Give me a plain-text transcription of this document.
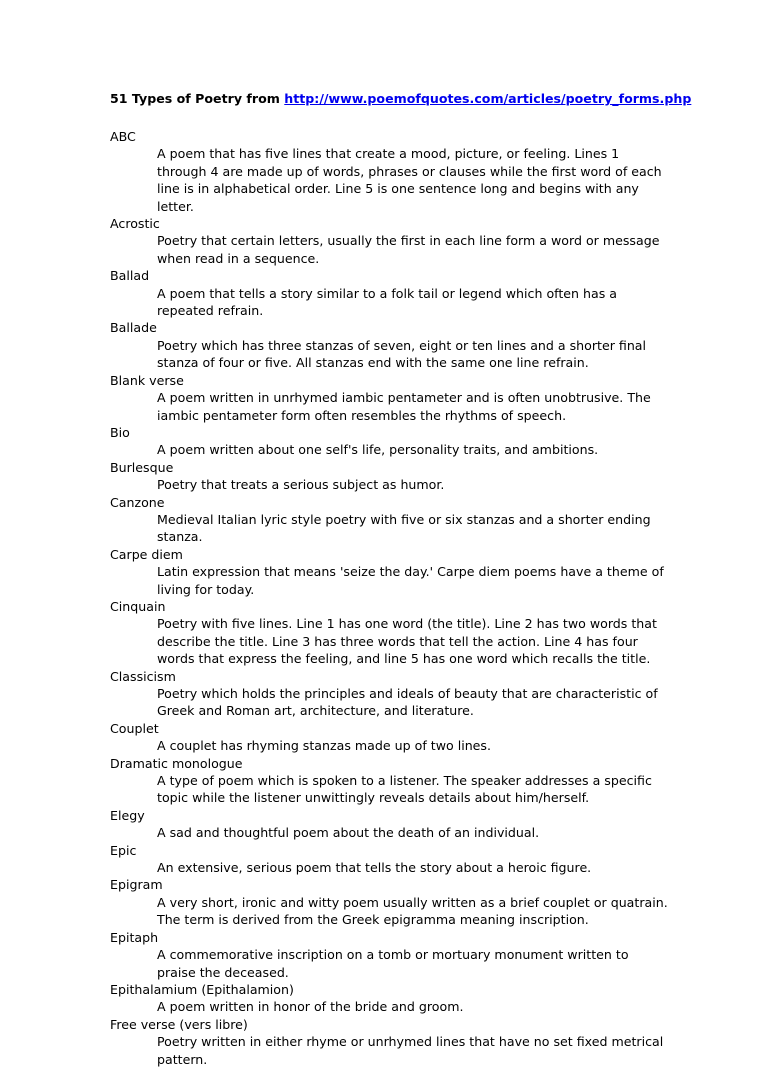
51 Types of Poetry from http://www.poemofquotes.com/articles/poetry_forms.php
ABC
A poem that has five lines that create a mood, picture, or feeling. Lines 1 through 4 are made up of words, phrases or clauses while the first word of each line is in alphabetical order. Line 5 is one sentence long and begins with any letter.
Acrostic
Poetry that certain letters, usually the first in each line form a word or message when read in a sequence.
Ballad
A poem that tells a story similar to a folk tail or legend which often has a repeated refrain.
Ballade
Poetry which has three stanzas of seven, eight or ten lines and a shorter final stanza of four or five. All stanzas end with the same one line refrain.
Blank verse
A poem written in unrhymed iambic pentameter and is often unobtrusive. The iambic pentameter form often resembles the rhythms of speech.
Bio
A poem written about one self's life, personality traits, and ambitions.
Burlesque
Poetry that treats a serious subject as humor.
Canzone
Medieval Italian lyric style poetry with five or six stanzas and a shorter ending stanza.
Carpe diem
Latin expression that means 'seize the day.' Carpe diem poems have a theme of living for today.
Cinquain
Poetry with five lines. Line 1 has one word (the title). Line 2 has two words that describe the title. Line 3 has three words that tell the action. Line 4 has four words that express the feeling, and line 5 has one word which recalls the title.
Classicism
Poetry which holds the principles and ideals of beauty that are characteristic of Greek and Roman art, architecture, and literature.
Couplet
A couplet has rhyming stanzas made up of two lines.
Dramatic monologue
A type of poem which is spoken to a listener. The speaker addresses a specific topic while the listener unwittingly reveals details about him/herself.
Elegy
A sad and thoughtful poem about the death of an individual.
Epic
An extensive, serious poem that tells the story about a heroic figure.
Epigram
A very short, ironic and witty poem usually written as a brief couplet or quatrain. The term is derived from the Greek epigramma meaning inscription.
Epitaph
A commemorative inscription on a tomb or mortuary monument written to praise the deceased.
Epithalamium (Epithalamion)
A poem written in honor of the bride and groom.
Free verse (vers libre)
Poetry written in either rhyme or unrhymed lines that have no set fixed metrical pattern.
